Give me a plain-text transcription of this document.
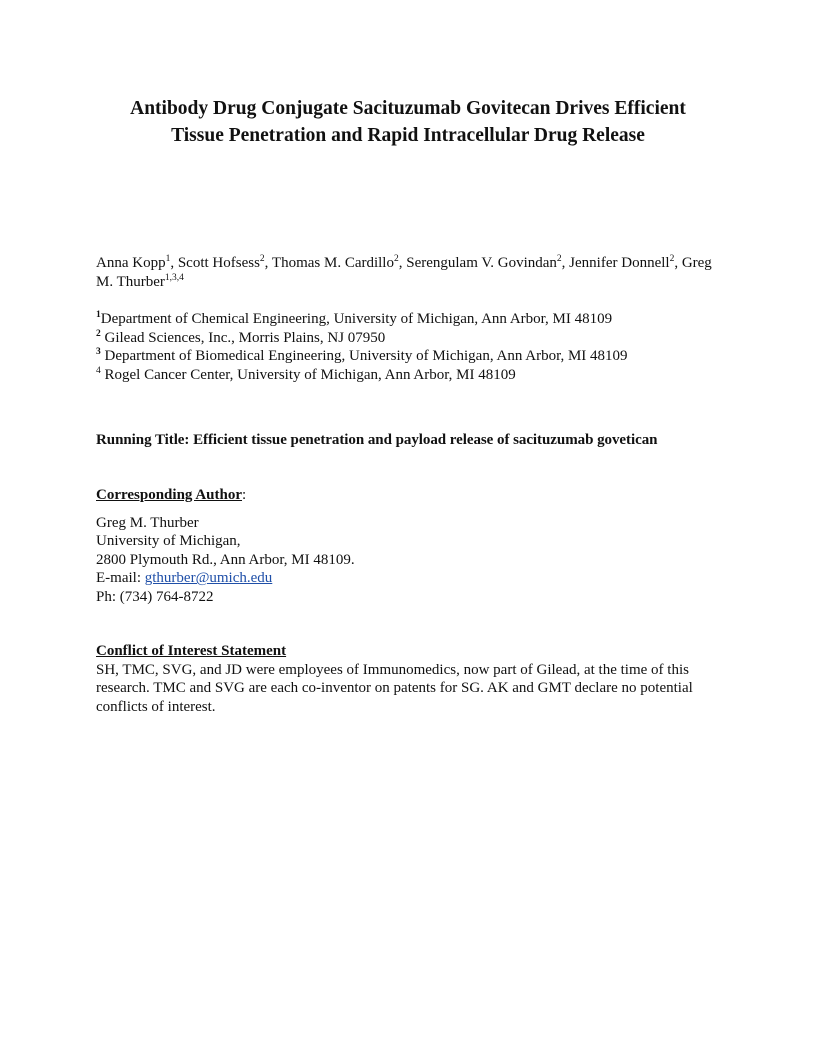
Antibody Drug Conjugate Sacituzumab Govitecan Drives Efficient
Tissue Penetration and Rapid Intracellular Drug Release
Anna Kopp$^1$, Scott Hofsess$^2$, Thomas M. Cardillo$^2$, Serengulam V. Govindan$^2$, Jennifer Donnell$^2$, Greg M. Thurber$^{1,3,4}$
$^1$Department of Chemical Engineering, University of Michigan, Ann Arbor, MI 48109
$^2$ Gilead Sciences, Inc., Morris Plains, NJ 07950
$^3$ Department of Biomedical Engineering, University of Michigan, Ann Arbor, MI 48109
$^4$ Rogel Cancer Center, University of Michigan, Ann Arbor, MI 48109
Running Title: Efficient tissue penetration and payload release of sacituzumab govetican
Corresponding Author:
Greg M. Thurber
University of Michigan,
2800 Plymouth Rd., Ann Arbor, MI 48109.
E-mail: gthurber@umich.edu
Ph: (734) 764-8722
Conflict of Interest Statement

SH, TMC, SVG, and JD were employees of Immunomedics, now part of Gilead, at the time of this research. TMC and SVG are each co-inventor on patents for SG. AK and GMT declare no potential conflicts of interest.
